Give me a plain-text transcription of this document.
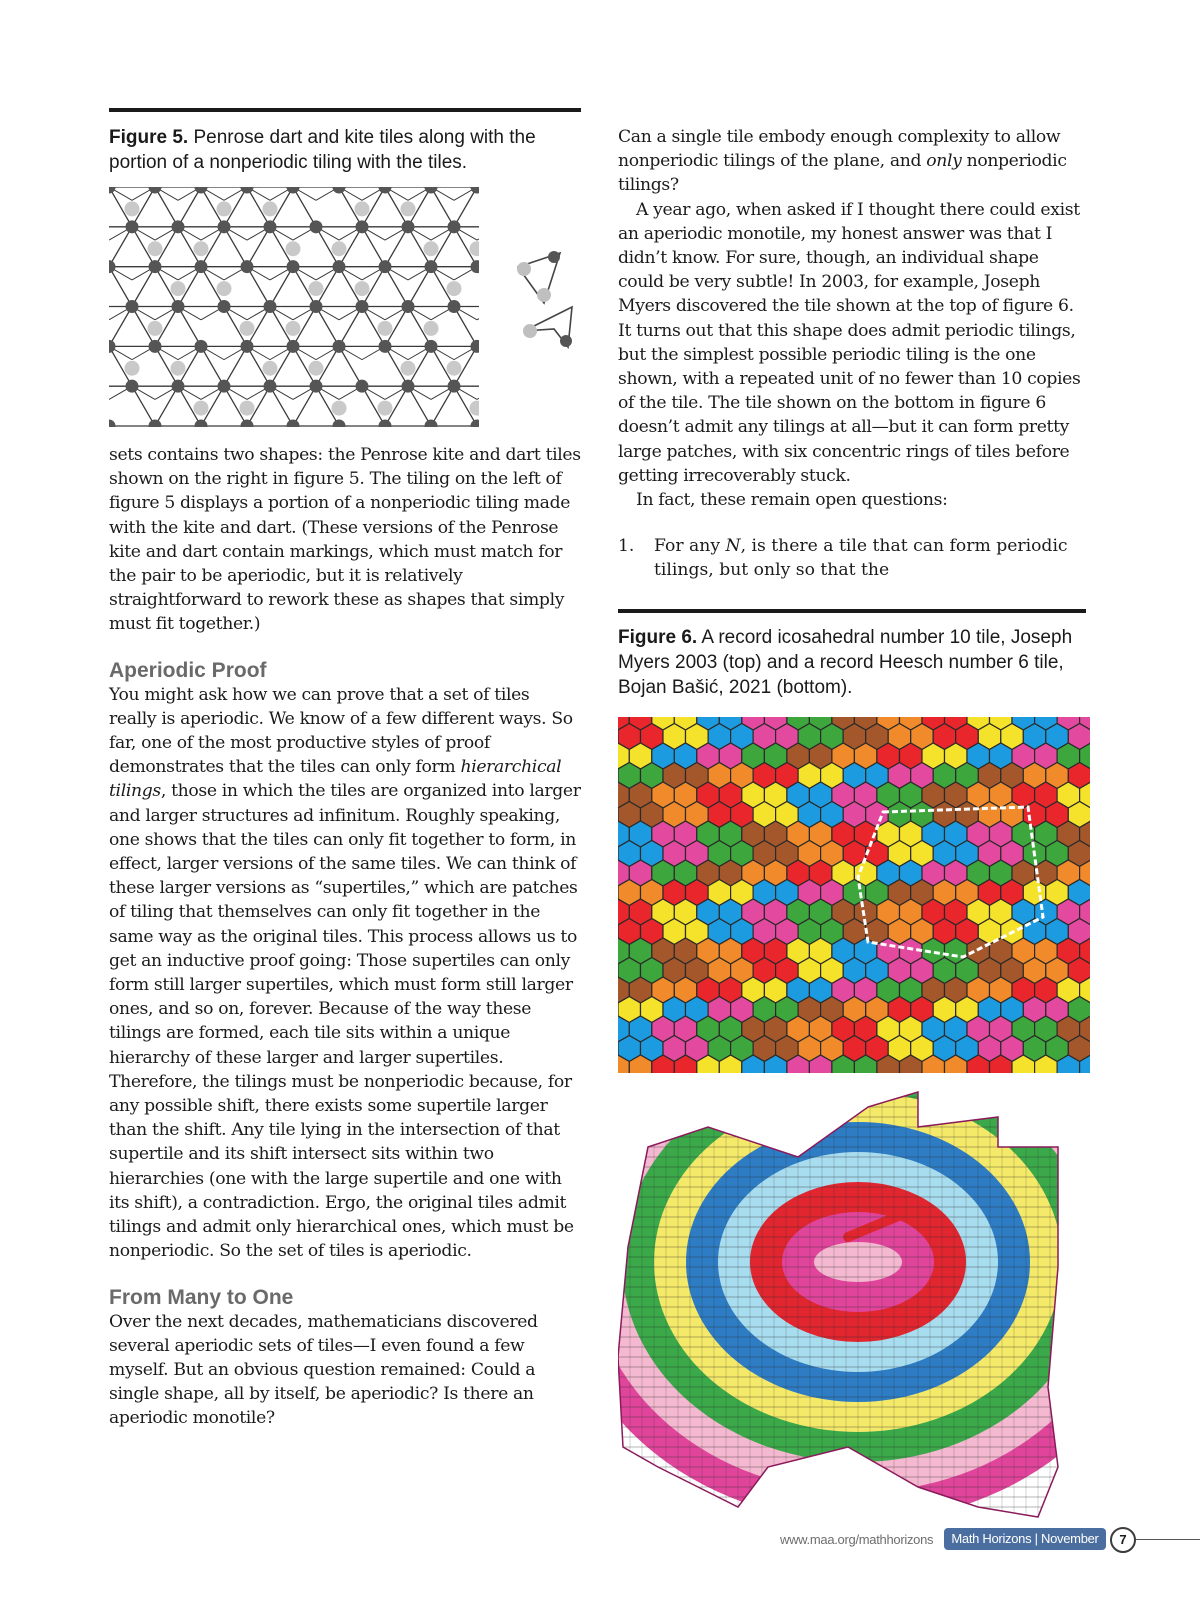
Figure 5. Penrose dart and kite tiles along with the portion of a nonperiodic tiling with the tiles.

sets contains two shapes: the Penrose kite and dart tiles shown on the right in figure 5. The tiling on the left of figure 5 displays a portion of a nonperiodic tiling made with the kite and dart. (These versions of the Penrose kite and dart contain markings, which must match for the pair to be aperiodic, but it is relatively straightforward to rework these as shapes that simply must fit together.)

Aperiodic Proof

You might ask how we can prove that a set of tiles really is aperiodic. We know of a few different ways. So far, one of the most productive styles of proof demonstrates that the tiles can only form hierarchical tilings, those in which the tiles are organized into larger and larger structures ad infinitum. Roughly speaking, one shows that the tiles can only fit together to form, in effect, larger versions of the same tiles. We can think of these larger versions as “supertiles,” which are patches of tiling that themselves can only fit together in the same way as the original tiles. This process allows us to get an inductive proof going: Those supertiles can only form still larger supertiles, which must form still larger ones, and so on, forever. Because of the way these tilings are formed, each tile sits within a unique hierarchy of these larger and larger supertiles. Therefore, the tilings must be nonperiodic because, for any possible shift, there exists some supertile larger than the shift. Any tile lying in the intersection of that supertile and its shift intersect sits within two hierarchies (one with the large supertile and one with its shift), a contradiction. Ergo, the original tiles admit tilings and admit only hierarchical ones, which must be nonperiodic. So the set of tiles is aperiodic.

From Many to One

Over the next decades, mathematicians discovered several aperiodic sets of tiles—I even found a few myself. But an obvious question remained: Could a single shape, all by itself, be aperiodic? Is there an aperiodic monotile?

Can a single tile embody enough complexity to allow nonperiodic tilings of the plane, and only nonperiodic tilings?

A year ago, when asked if I thought there could exist an aperiodic monotile, my honest answer was that I didn’t know. For sure, though, an individual shape could be very subtle! In 2003, for example, Joseph Myers discovered the tile shown at the top of figure 6. It turns out that this shape does admit periodic tilings, but the simplest possible periodic tiling is the one shown, with a repeated unit of no fewer than 10 copies of the tile. The tile shown on the bottom in figure 6 doesn’t admit any tilings at all—but it can form pretty large patches, with six concentric rings of tiles before getting irrecoverably stuck.

In fact, these remain open questions:

1.	For any N, is there a tile that can form periodic tilings, but only so that the
Figure 6. A record icosahedral number 10 tile, Joseph Myers 2003 (top) and a record Heesch number 6 tile, Bojan Bašić, 2021 (bottom).
www.maa.org/mathhorizons	Math Horizons | November 2023
7
